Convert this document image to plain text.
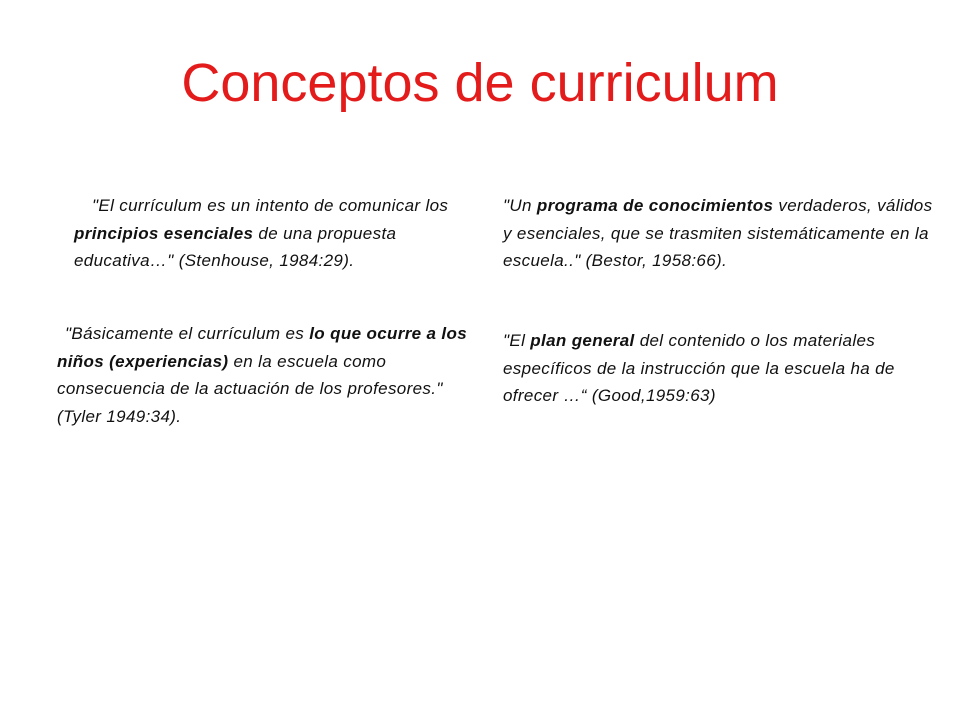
Conceptos de curriculum

"El currículum es un intento de comunicar los principios esenciales de una propuesta educativa…" (Stenhouse, 1984:29).

"Básicamente el currículum es lo que ocurre a los niños (experiencias) en la escuela como consecuencia de la actuación de los profesores." (Tyler 1949:34).

"Un programa de conocimientos verdaderos, válidos y esenciales, que se trasmiten sistemáticamente en la escuela.." (Bestor, 1958:66).

"El plan general del contenido o los materiales específicos de la instrucción que la escuela ha de ofrecer …“ (Good,1959:63)
